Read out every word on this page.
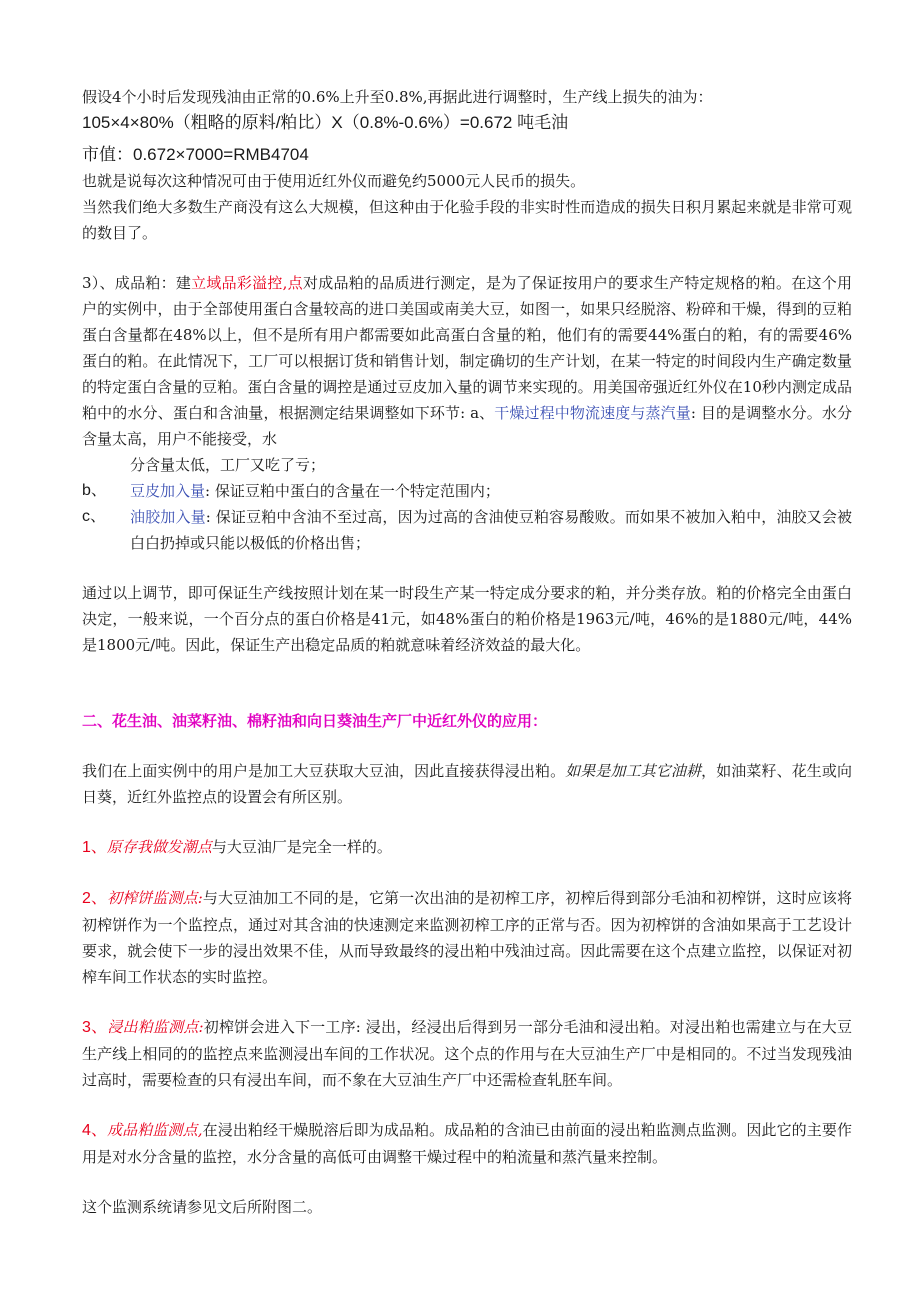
假设4个小时后发现残油由正常的0.6%上升至0.8%,再据此进行调整时，生产线上损失的油为：

105×4×80%（粗略的原料/粕比）X（0.8%-0.6%）=0.672 吨毛油

市值：0.672×7000=RMB4704

也就是说每次这种情况可由于使用近红外仪而避免约5000元人民币的损失。

当然我们绝大多数生产商没有这么大规模，但这种由于化验手段的非实时性而造成的损失日积月累起来就是非常可观的数目了。

3）、成品粕：建立域品彩溢控,点对成品粕的品质进行测定，是为了保证按用户的要求生产特定规格的粕。在这个用户的实例中，由于全部使用蛋白含量较高的进口美国或南美大豆，如图一，如果只经脱溶、粉碎和干燥，得到的豆粕蛋白含量都在48%以上，但不是所有用户都需要如此高蛋白含量的粕，他们有的需要44%蛋白的粕，有的需要46%蛋白的粕。在此情况下，工厂可以根据订货和销售计划，制定确切的生产计划，在某一特定的时间段内生产确定数量的特定蛋白含量的豆粕。蛋白含量的调控是通过豆皮加入量的调节来实现的。用美国帝强近红外仪在10秒内测定成品粕中的水分、蛋白和含油量，根据测定结果调整如下环节: a、干燥过程中物流速度与蒸汽量: 目的是调整水分。水分含量太高，用户不能接受，水

分含量太低，工厂又吃了亏；

b、	豆皮加入量: 保证豆粕中蛋白的含量在一个特定范围内；
c、	油胶加入量: 保证豆粕中含油不至过高，因为过高的含油使豆粕容易酸败。而如果不被加入粕中，油胶又会被白白扔掉或只能以极低的价格出售；

通过以上调节，即可保证生产线按照计划在某一时段生产某一特定成分要求的粕，并分类存放。粕的价格完全由蛋白决定，一般来说，一个百分点的蛋白价格是41元，如48%蛋白的粕价格是1963元/吨，46%的是1880元/吨，44%是1800元/吨。因此，保证生产出稳定品质的粕就意味着经济效益的最大化。

二、花生油、油菜籽油、棉籽油和向日葵油生产厂中近红外仪的应用：

我们在上面实例中的用户是加工大豆获取大豆油，因此直接获得浸出粕。如果是加工其它油耕，如油菜籽、花生或向日葵，近红外监控点的设置会有所区别。

1、原存我做发潮点与大豆油厂是完全一样的。

2、初榨饼监测点:与大豆油加工不同的是，它第一次出油的是初榨工序，初榨后得到部分毛油和初榨饼，这时应该将初榨饼作为一个监控点，通过对其含油的快速测定来监测初榨工序的正常与否。因为初榨饼的含油如果高于工艺设计要求，就会使下一步的浸出效果不佳，从而导致最终的浸出粕中残油过高。因此需要在这个点建立监控，以保证对初榨车间工作状态的实时监控。

3、浸出粕监测点:初榨饼会进入下一工序: 浸出，经浸出后得到另一部分毛油和浸出粕。对浸出粕也需建立与在大豆生产线上相同的的监控点来监测浸出车间的工作状况。这个点的作用与在大豆油生产厂中是相同的。不过当发现残油过高时，需要检查的只有浸出车间，而不象在大豆油生产厂中还需检查轧胚车间。

4、成品粕监测点,在浸出粕经干燥脱溶后即为成品粕。成品粕的含油已由前面的浸出粕监测点监测。因此它的主要作用是对水分含量的监控，水分含量的高低可由调整干燥过程中的粕流量和蒸汽量来控制。

这个监测系统请参见文后所附图二。
